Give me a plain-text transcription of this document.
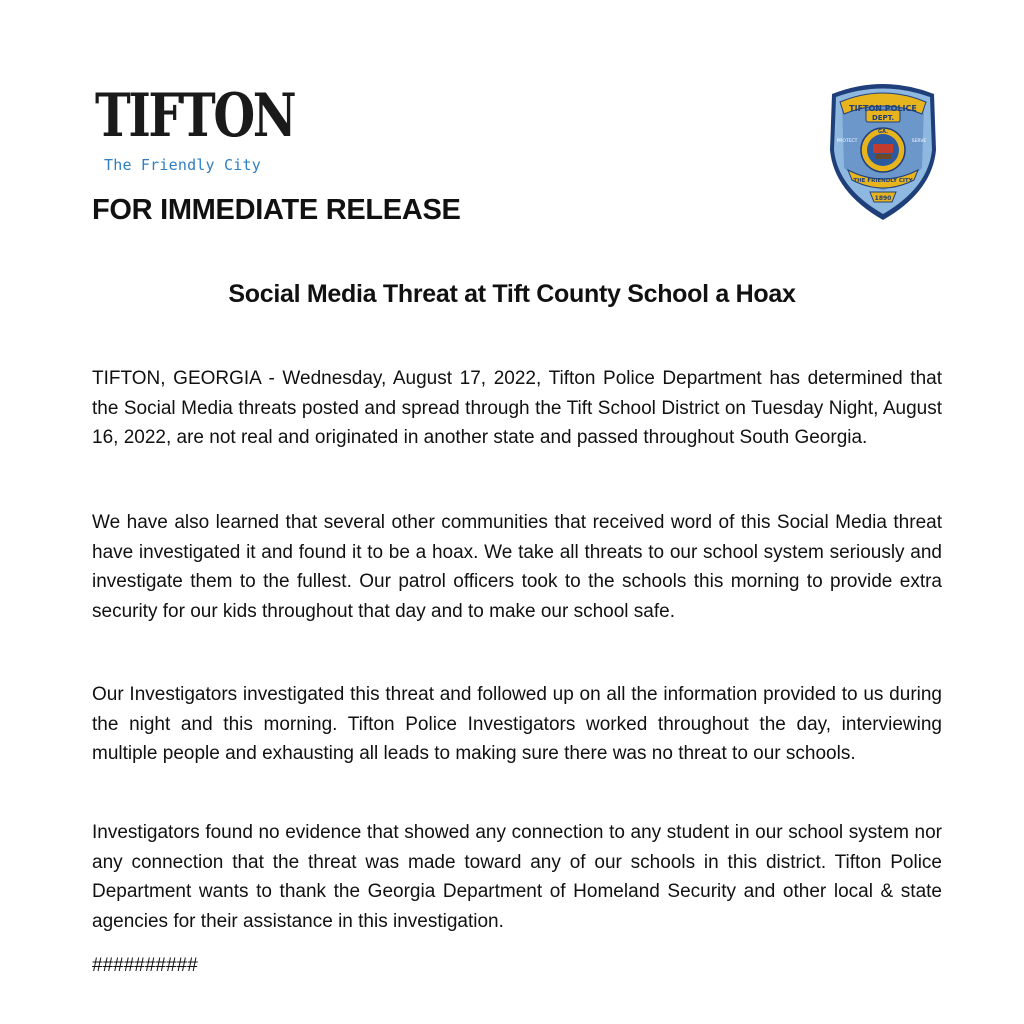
TIFTON
The Friendly City
TIFTON POLICE
DEPT.
GA.
PROTECT	SERVE
THE FRIENDLY CITY
1890
FOR IMMEDIATE RELEASE
Social Media Threat at Tift County School a Hoax

TIFTON, GEORGIA - Wednesday, August 17, 2022, Tifton Police Department has determined that the Social Media threats posted and spread through the Tift School District on Tuesday Night, August 16, 2022, are not real and originated in another state and passed throughout South Georgia.

We have also learned that several other communities that received word of this Social Media threat have investigated it and found it to be a hoax. We take all threats to our school system seriously and investigate them to the fullest. Our patrol officers took to the schools this morning to provide extra security for our kids throughout that day and to make our school safe.

Our Investigators investigated this threat and followed up on all the information provided to us during the night and this morning. Tifton Police Investigators worked throughout the day, interviewing multiple people and exhausting all leads to making sure there was no threat to our schools.

Investigators found no evidence that showed any connection to any student in our school system nor any connection that the threat was made toward any of our schools in this district. Tifton Police Department wants to thank the Georgia Department of Homeland Security and other local & state agencies for their assistance in this investigation.

##########
